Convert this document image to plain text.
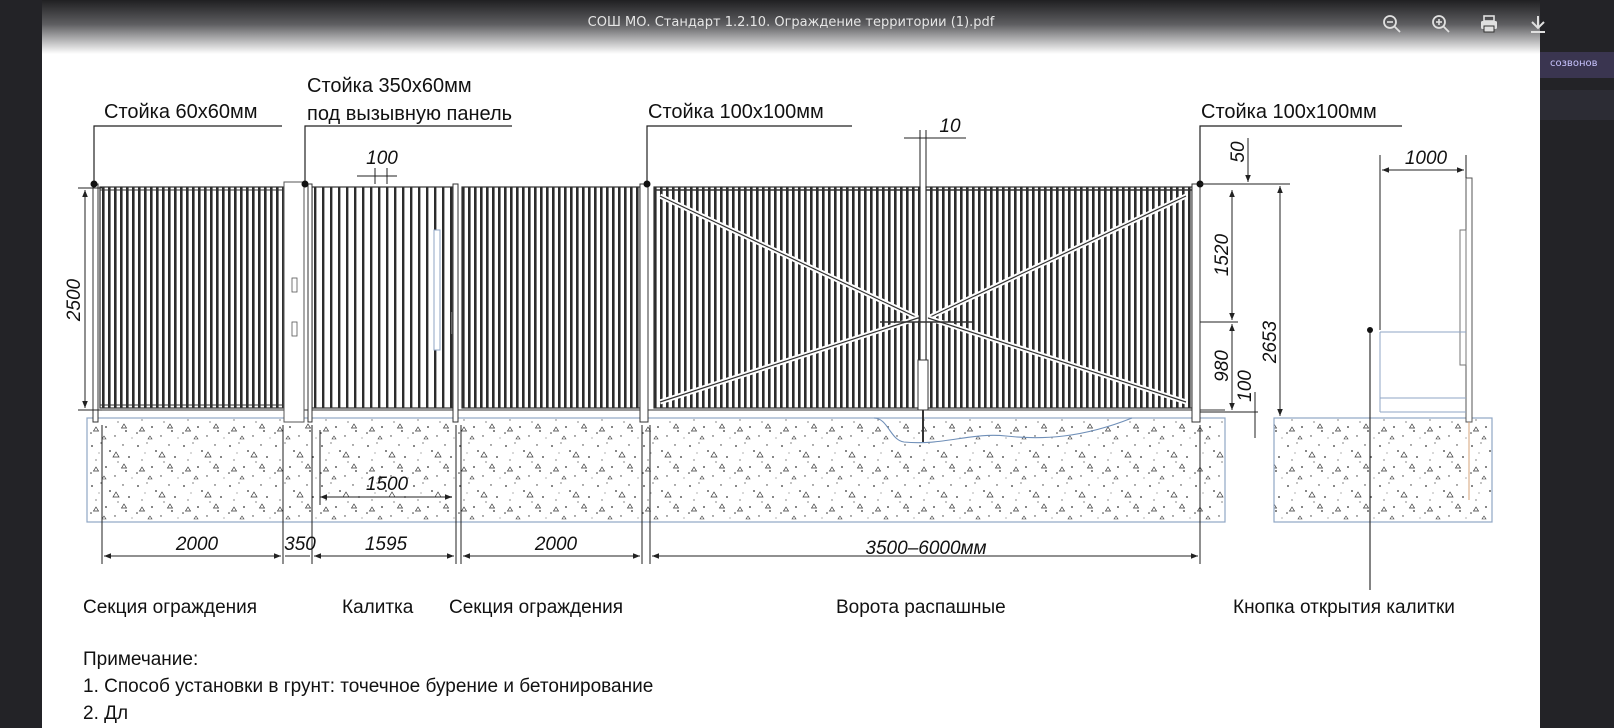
созвонов
Стойка 60х60мм
Стойка 350х60мм
под вызывную панель	Стойка 100х100мм	Стойка 100х100мм
2500
100
10
50
1520
980
100
2653
1000
1500
2000	350	1595	2000	3500–6000мм
Секция ограждения	Калитка Секция ограждения	Ворота распашные	Кнопка открытия калитки
Примечание:
1. Способ установки в грунт: точечное бурение и бетонирование
2. Дл
СОШ МО. Стандарт 1.2.10. Ограждение территории (1).pdf
